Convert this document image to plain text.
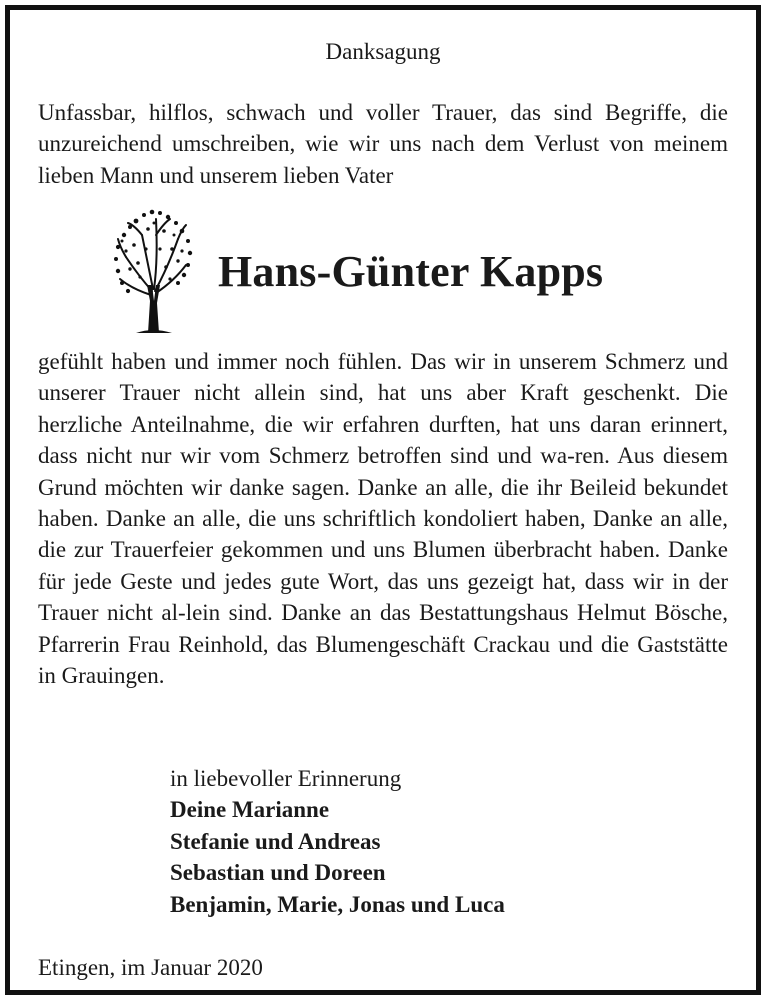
Danksagung

Unfassbar, hilflos, schwach und voller Trauer, das sind Begriffe, die unzureichend umschreiben, wie wir uns nach dem Verlust von meinem lieben Mann und unserem lieben Vater

Hans-Günter Kapps

gefühlt haben und immer noch fühlen. Das wir in unserem Schmerz und unserer Trauer nicht allein sind, hat uns aber Kraft geschenkt. Die herzliche Anteilnahme, die wir erfahren durften, hat uns daran erinnert, dass nicht nur wir vom Schmerz betroffen sind und wa-ren. Aus diesem Grund möchten wir danke sagen. Danke an alle, die ihr Beileid bekundet haben. Danke an alle, die uns schriftlich kondoliert haben, Danke an alle, die zur Trauerfeier gekommen und uns Blumen überbracht haben. Danke für jede Geste und jedes gute Wort, das uns gezeigt hat, dass wir in der Trauer nicht al-lein sind. Danke an das Bestattungshaus Helmut Bösche, Pfarrerin Frau Reinhold, das Blumengeschäft Crackau und die Gaststätte in Grauingen.

in liebevoller Erinnerung
Deine Marianne
Stefanie und Andreas
Sebastian und Doreen
Benjamin, Marie, Jonas und Luca
Etingen, im Januar 2020
